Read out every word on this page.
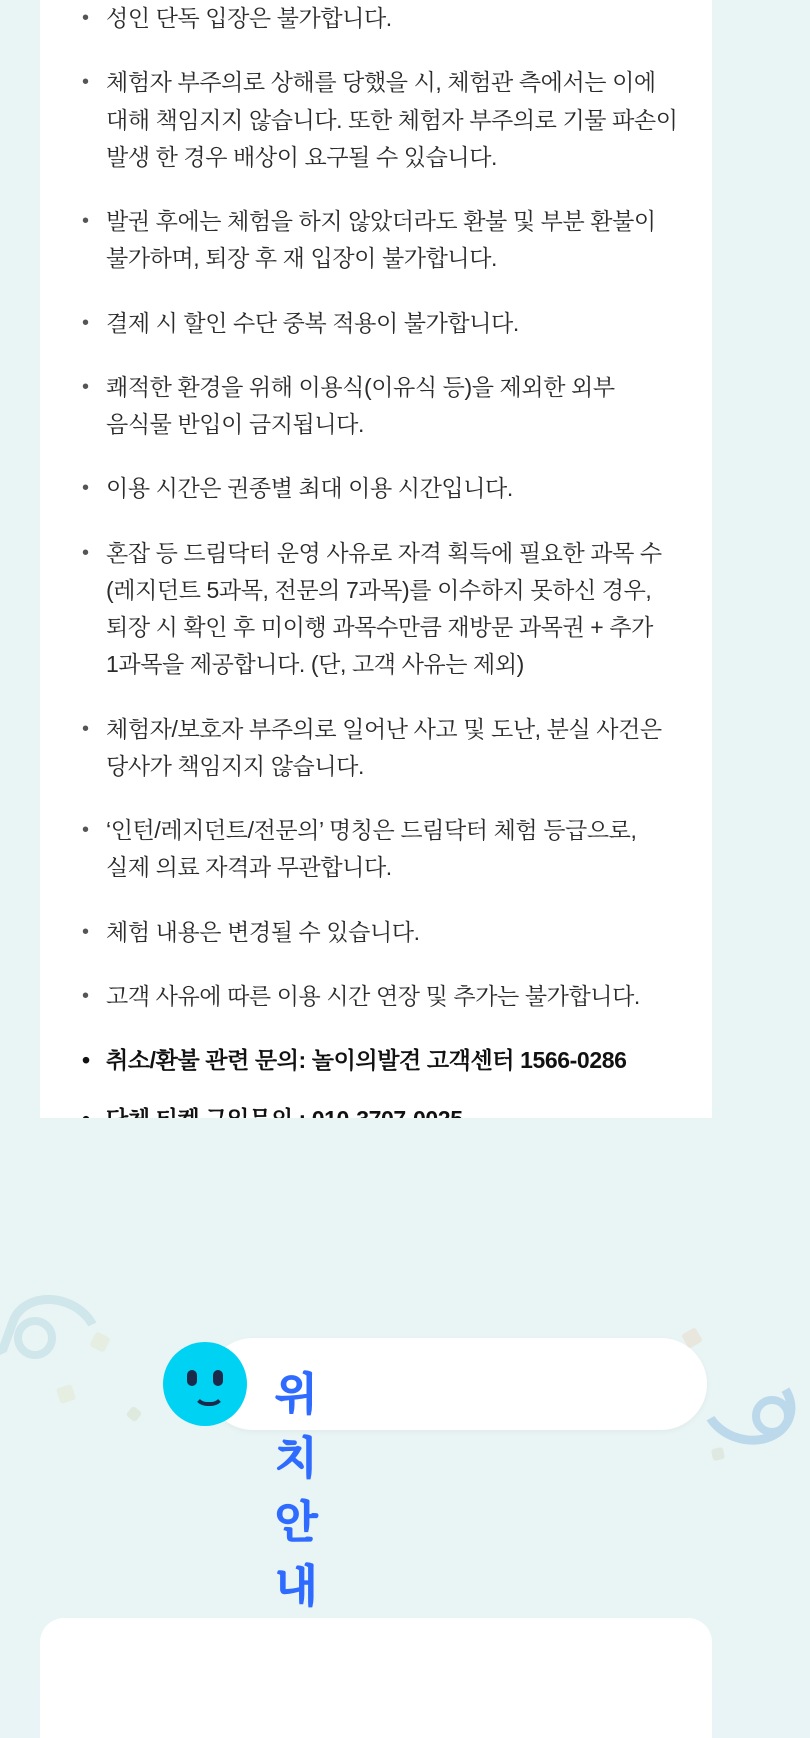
• 성인 단독 입장은 불가합니다.
• 체험자 부주의로 상해를 당했을 시, 체험관 측에서는 이에 대해 책임지지 않습니다. 또한 체험자 부주의로 기물 파손이 발생 한 경우 배상이 요구될 수 있습니다.
• 발권 후에는 체험을 하지 않았더라도 환불 및 부분 환불이 불가하며, 퇴장 후 재 입장이 불가합니다.
• 결제 시 할인 수단 중복 적용이 불가합니다.
• 쾌적한 환경을 위해 이용식(이유식 등)을 제외한 외부 음식물 반입이 금지됩니다.
• 이용 시간은 권종별 최대 이용 시간입니다.
• 혼잡 등 드림닥터 운영 사유로 자격 획득에 필요한 과목 수(레지던트 5과목, 전문의 7과목)를 이수하지 못하신 경우, 퇴장 시 확인 후 미이행 과목수만큼 재방문 과목권 + 추가 1과목을 제공합니다. (단, 고객 사유는 제외)
• 체험자/보호자 부주의로 일어난 사고 및 도난, 분실 사건은 당사가 책임지지 않습니다.
• ‘인턴/레지던트/전문의’ 명칭은 드림닥터 체험 등급으로, 실제 의료 자격과 무관합니다.
• 체험 내용은 변경될 수 있습니다.
• 고객 사유에 따른 이용 시간 연장 및 추가는 불가합니다.
• 취소/환불 관련 문의: 놀이의발견 고객센터 1566-0286
•
위치안내
